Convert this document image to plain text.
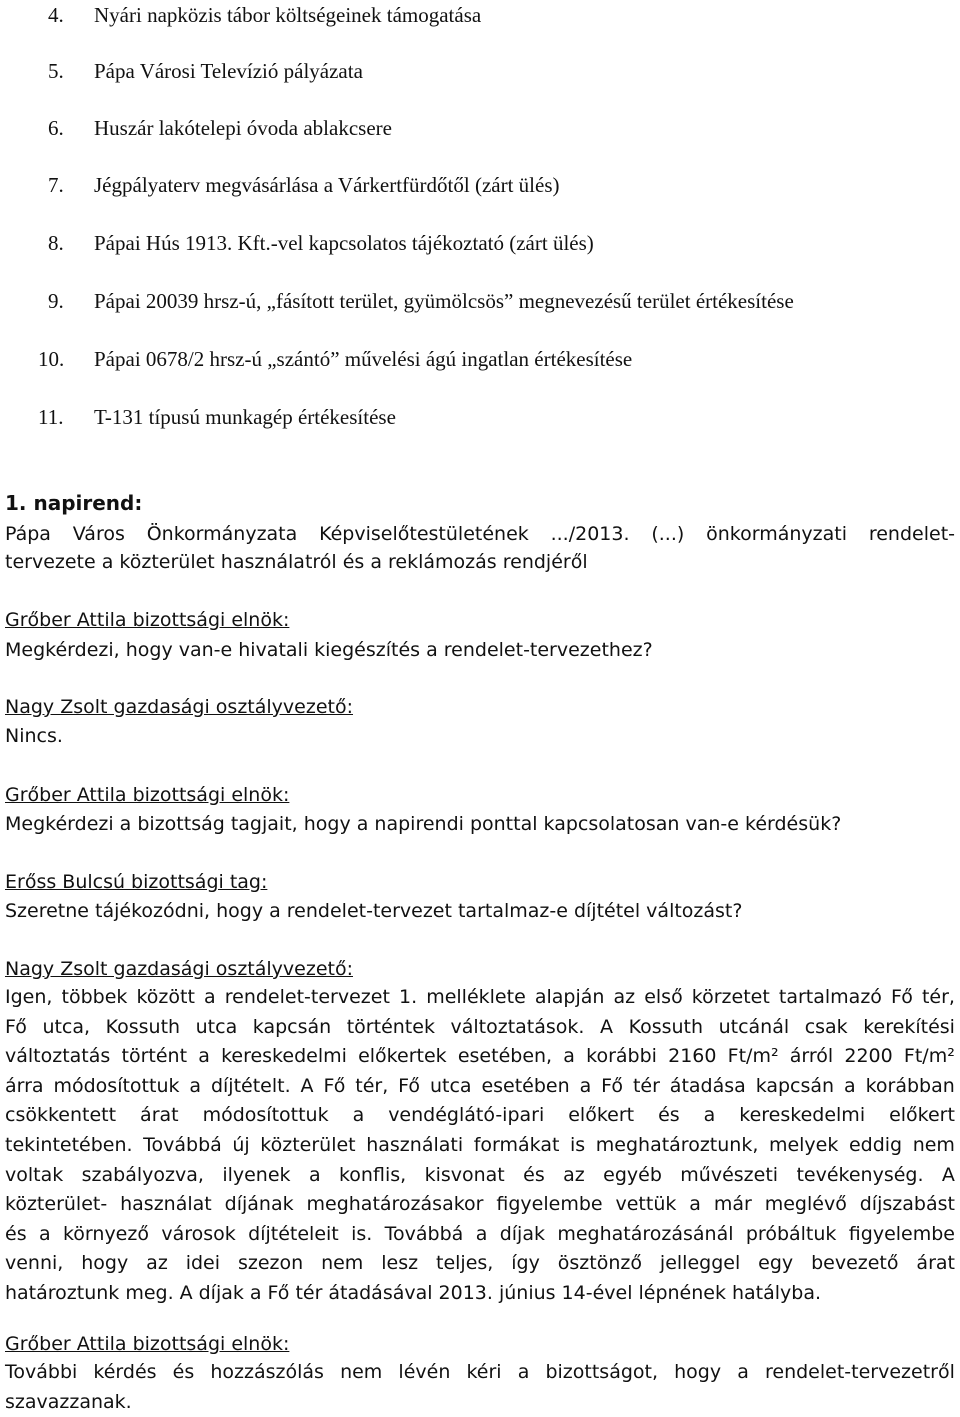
4. Nyári napközis tábor költségeinek támogatása
5. Pápa Városi Televízió pályázata
6. Huszár lakótelepi óvoda ablakcsere
7. Jégpályaterv megvásárlása a Várkertfürdőtől (zárt ülés)
8. Pápai Hús 1913. Kft.-vel kapcsolatos tájékoztató (zárt ülés)
9. Pápai 20039 hrsz-ú, „fásított terület, gyümölcsös” megnevezésű terület értékesítése
10. Pápai 0678/2 hrsz-ú „szántó” művelési ágú ingatlan értékesítése
11. T-131 típusú munkagép értékesítése
1. napirend:
Pápa Város Önkormányzata Képviselőtestületének .../2013. (...) önkormányzati rendelet-
tervezete a közterület használatról és a reklámozás rendjéről
Grőber Attila bizottsági elnök:
Megkérdezi, hogy van-e hivatali kiegészítés a rendelet-tervezethez?
Nagy Zsolt gazdasági osztályvezető:
Nincs.
Grőber Attila bizottsági elnök:
Megkérdezi a bizottság tagjait, hogy a napirendi ponttal kapcsolatosan van-e kérdésük?
Erőss Bulcsú bizottsági tag:
Szeretne tájékozódni, hogy a rendelet-tervezet tartalmaz-e díjtétel változást?
Nagy Zsolt gazdasági osztályvezető:
Igen, többek között a rendelet-tervezet 1. melléklete alapján az első körzetet tartalmazó Fő tér,
Fő utca, Kossuth utca kapcsán történtek változtatások. A Kossuth utcánál csak kerekítési
változtatás történt a kereskedelmi előkertek esetében, a korábbi 2160 Ft/m² árról 2200 Ft/m²
árra módosítottuk a díjtételt. A Fő tér, Fő utca esetében a Fő tér átadása kapcsán a korábban
csökkentett árat módosítottuk a vendéglátó-ipari előkert és a kereskedelmi előkert
tekintetében. Továbbá új közterület használati formákat is meghatároztunk, melyek eddig nem
voltak szabályozva, ilyenek a konflis, kisvonat és az egyéb művészeti tevékenység. A
közterület- használat díjának meghatározásakor figyelembe vettük a már meglévő díjszabást
és a környező városok díjtételeit is. Továbbá a díjak meghatározásánál próbáltuk figyelembe
venni, hogy az idei szezon nem lesz teljes, így ösztönző jelleggel egy bevezető árat
határoztunk meg. A díjak a Fő tér átadásával 2013. június 14-ével lépnének hatályba.
Grőber Attila bizottsági elnök:
További kérdés és hozzászólás nem lévén kéri a bizottságot, hogy a rendelet-tervezetről
szavazzanak.
